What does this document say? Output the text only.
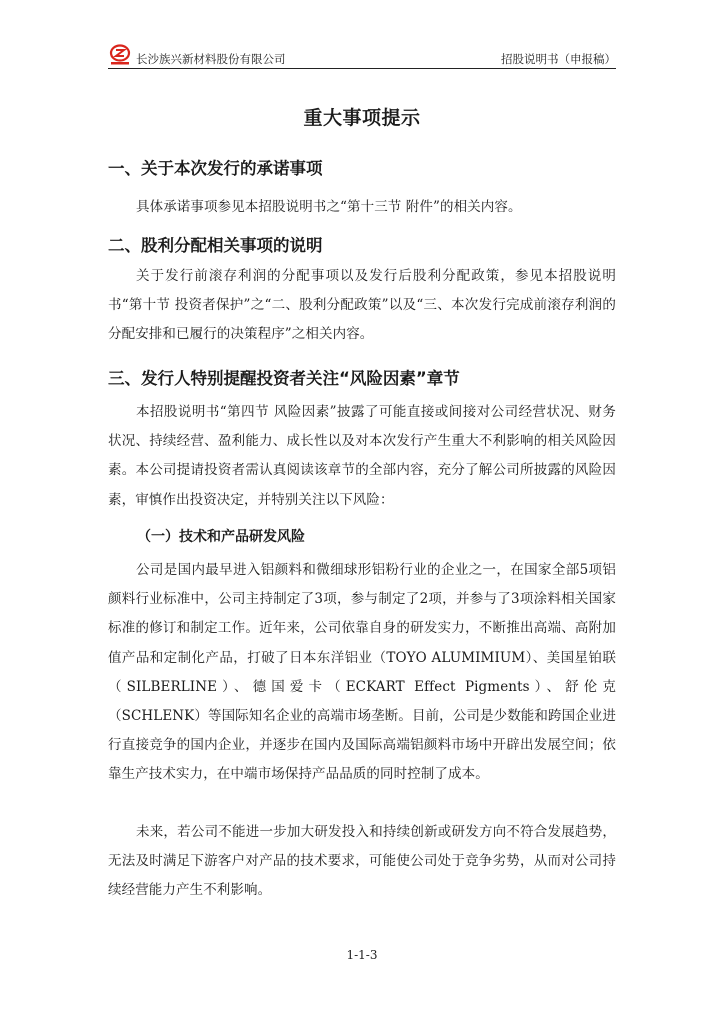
长沙族兴新材料股份有限公司	招股说明书（申报稿）
重大事项提示
一、关于本次发行的承诺事项
具体承诺事项参见本招股说明书之“第十三节 附件”的相关内容。
二、股利分配相关事项的说明
关于发行前滚存利润的分配事项以及发行后股利分配政策，参见本招股说明书“第十节 投资者保护”之“二、股利分配政策”以及“三、本次发行完成前滚存利润的分配安排和已履行的决策程序”之相关内容。
三、发行人特别提醒投资者关注“风险因素”章节
本招股说明书“第四节 风险因素”披露了可能直接或间接对公司经营状况、财务状况、持续经营、盈利能力、成长性以及对本次发行产生重大不利影响的相关风险因素。本公司提请投资者需认真阅读该章节的全部内容，充分了解公司所披露的风险因素，审慎作出投资决定，并特别关注以下风险：
（一）技术和产品研发风险
公司是国内最早进入铝颜料和微细球形铝粉行业的企业之一，在国家全部5项铝颜料行业标准中，公司主持制定了3项，参与制定了2项，并参与了3项涂料相关国家标准的修订和制定工作。近年来，公司依靠自身的研发实力，不断推出高端、高附加值产品和定制化产品，打破了日本东洋铝业（TOYO ALUMIMIUM）、美国星铂联（SILBERLINE）、德国爱卡（ECKART Effect Pigments）、舒伦克（SCHLENK）等国际知名企业的高端市场垄断。目前，公司是少数能和跨国企业进行直接竞争的国内企业，并逐步在国内及国际高端铝颜料市场中开辟出发展空间；依靠生产技术实力，在中端市场保持产品品质的同时控制了成本。
未来，若公司不能进一步加大研发投入和持续创新或研发方向不符合发展趋势，无法及时满足下游客户对产品的技术要求，可能使公司处于竞争劣势，从而对公司持续经营能力产生不利影响。
1-1-3
